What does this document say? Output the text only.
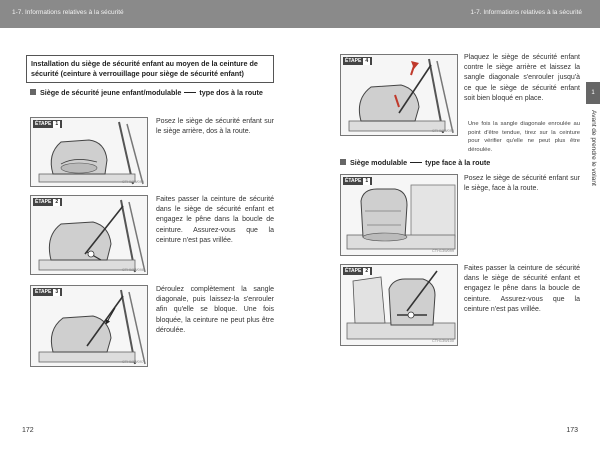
1-7. Informations relatives à la sécurité	1-7. Informations relatives à la sécurité
Installation du siège de sécurité enfant au moyen de la ceinture de sécurité (ceinture à verrouillage pour siège de sécurité enfant)
Siège de sécurité jeune enfant/modulable	type dos à la route
ÉTAPE 1
CTH13W095
Posez le siège de sécurité enfant sur le siège arrière, dos à la route.
ÉTAPE 2
CTH13W096
Faites passer la ceinture de sécurité dans le siège de sécurité enfant et engagez le pêne dans la boucle de ceinture. Assurez-vous que la ceinture n'est pas vrillée.
ÉTAPE 3
CTH13W097
Déroulez complètement la sangle diagonale, puis laissez-la s'enrouler afin qu'elle se bloque. Une fois bloquée, la ceinture ne peut plus être déroulée.
172
ÉTAPE 4
CTH13W098
Plaquez le siège de sécurité enfant contre le siège arrière et laissez la sangle diagonale s'enrouler jusqu'à ce que le siège de sécurité enfant soit bien bloqué en place.
Une fois la sangle diagonale enroulée au point d'être tendue, tirez sur la ceinture pour vérifier qu'elle ne peut plus être déroulée.
Siège modulable	type face à la route
ÉTAPE 1
CTH13W099
Posez le siège de sécurité enfant sur le siège, face à la route.
ÉTAPE 2
CTH13W100
Faites passer la ceinture de sécurité dans le siège de sécurité enfant et engagez le pêne dans la boucle de ceinture. Assurez-vous que la ceinture n'est pas vrillée.
173
1
Avant de prendre le volant
